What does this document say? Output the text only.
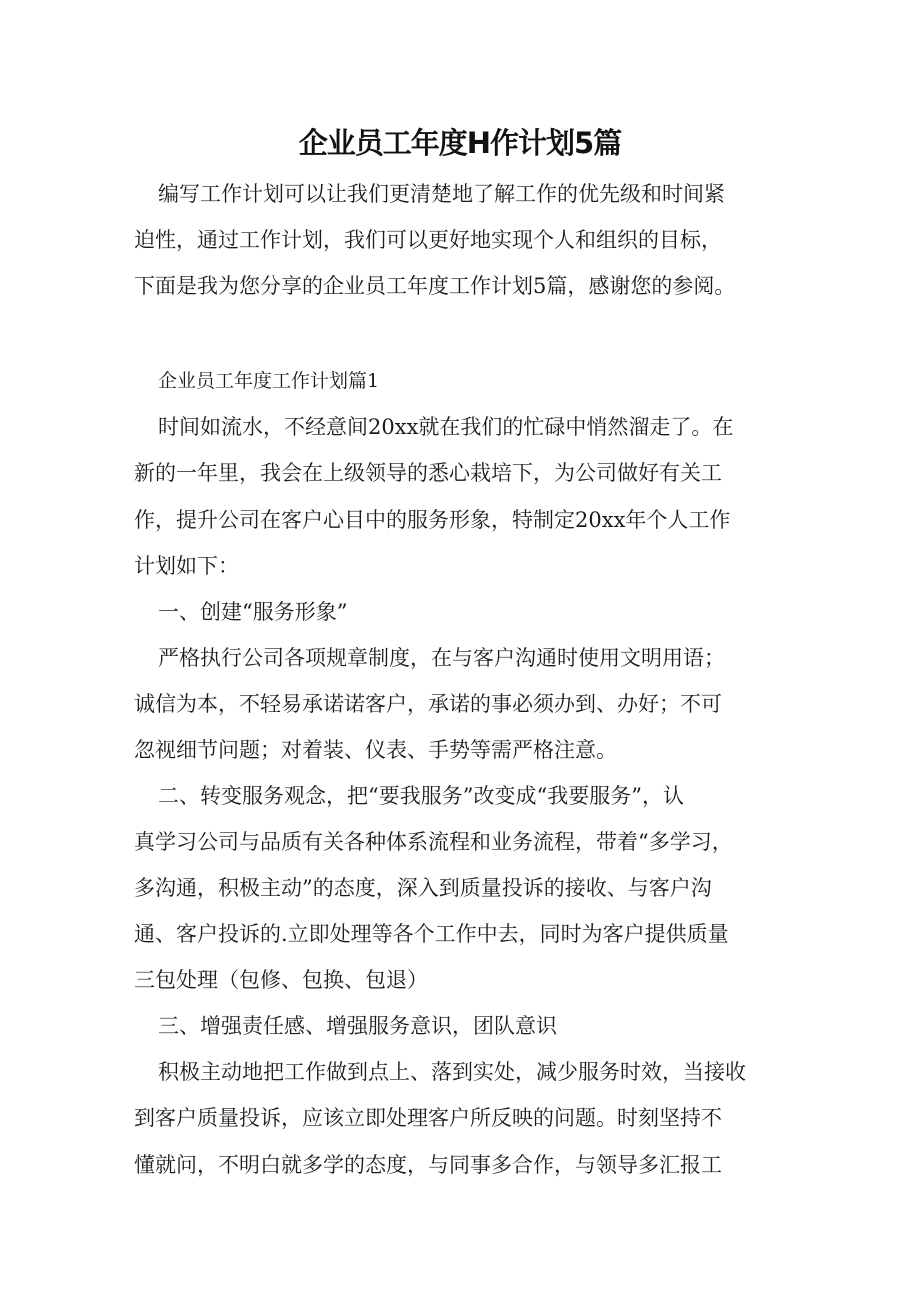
企业员工年度H作计划5篇

编写工作计划可以让我们更清楚地了解工作的优先级和时间紧

迫性，通过工作计划，我们可以更好地实现个人和组织的目标，

下面是我为您分享的企业员工年度工作计划5篇，感谢您的参阅。

企业员工年度工作计划篇1

时间如流水，不经意间20xx就在我们的忙碌中悄然溜走了。在

新的一年里，我会在上级领导的悉心栽培下，为公司做好有关工

作，提升公司在客户心目中的服务形象，特制定20xx年个人工作

计划如下：

一、创建“服务形象”

严格执行公司各项规章制度，在与客户沟通时使用文明用语；

诚信为本，不轻易承诺诺客户，承诺的事必须办到、办好；不可

忽视细节问题；对着装、仪表、手势等需严格注意。

二、转变服务观念，把“要我服务”改变成“我要服务”，认

真学习公司与品质有关各种体系流程和业务流程，带着“多学习，

多沟通，积极主动”的态度，深入到质量投诉的接收、与客户沟

通、客户投诉的.立即处理等各个工作中去，同时为客户提供质量

三包处理（包修、包换、包退）

三、增强责任感、增强服务意识，团队意识

积极主动地把工作做到点上、落到实处，减少服务时效，当接收

到客户质量投诉，应该立即处理客户所反映的问题。时刻坚持不

懂就问，不明白就多学的态度，与同事多合作，与领导多汇报工
